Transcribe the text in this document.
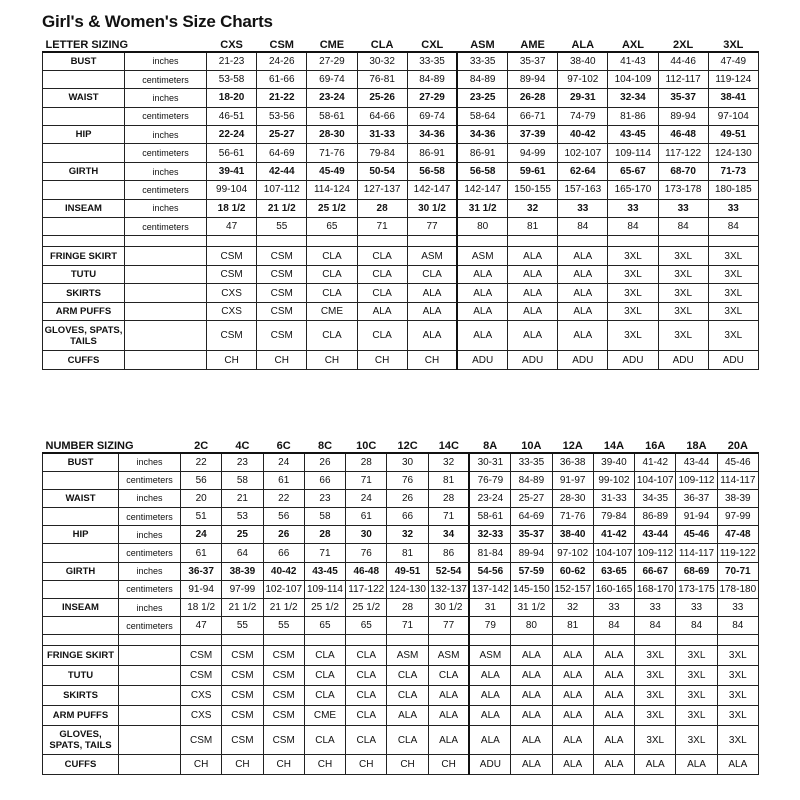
Girl's & Women's Size Charts
LETTER SIZING		CXS	CSM	CME	CLA	CXL	ASM	AME	ALA	AXL	2XL	3XL
BUST	inches	21-23	24-26	27-29	30-32	33-35	33-35	35-37	38-40	41-43	44-46	47-49
	centimeters	53-58	61-66	69-74	76-81	84-89	84-89	89-94	97-102	104-109	112-117	119-124
WAIST	inches	18-20	21-22	23-24	25-26	27-29	23-25	26-28	29-31	32-34	35-37	38-41
	centimeters	46-51	53-56	58-61	64-66	69-74	58-64	66-71	74-79	81-86	89-94	97-104
HIP	inches	22-24	25-27	28-30	31-33	34-36	34-36	37-39	40-42	43-45	46-48	49-51
	centimeters	56-61	64-69	71-76	79-84	86-91	86-91	94-99	102-107	109-114	117-122	124-130
GIRTH	inches	39-41	42-44	45-49	50-54	56-58	56-58	59-61	62-64	65-67	68-70	71-73
	centimeters	99-104	107-112	114-124	127-137	142-147	142-147	150-155	157-163	165-170	173-178	180-185
INSEAM	inches	18 1/2	21 1/2	25 1/2	28	30 1/2	31 1/2	32	33	33	33	33
	centimeters	47	55	65	71	77	80	81	84	84	84	84

FRINGE SKIRT		CSM	CSM	CLA	CLA	ASM	ASM	ALA	ALA	3XL	3XL	3XL
TUTU		CSM	CSM	CLA	CLA	CLA	ALA	ALA	ALA	3XL	3XL	3XL
SKIRTS		CXS	CSM	CLA	CLA	ALA	ALA	ALA	ALA	3XL	3XL	3XL
ARM PUFFS		CXS	CSM	CME	ALA	ALA	ALA	ALA	ALA	3XL	3XL	3XL
GLOVES, SPATS, TAILS		CSM	CSM	CLA	CLA	ALA	ALA	ALA	ALA	3XL	3XL	3XL
CUFFS		CH	CH	CH	CH	CH	ADU	ADU	ADU	ADU	ADU	ADU
NUMBER SIZING		2C	4C	6C	8C	10C	12C	14C	8A	10A	12A	14A	16A	18A	20A
BUST	inches	22	23	24	26	28	30	32	30-31	33-35	36-38	39-40	41-42	43-44	45-46
	centimeters	56	58	61	66	71	76	81	76-79	84-89	91-97	99-102	104-107	109-112	114-117
WAIST	inches	20	21	22	23	24	26	28	23-24	25-27	28-30	31-33	34-35	36-37	38-39
	centimeters	51	53	56	58	61	66	71	58-61	64-69	71-76	79-84	86-89	91-94	97-99
HIP	inches	24	25	26	28	30	32	34	32-33	35-37	38-40	41-42	43-44	45-46	47-48
	centimeters	61	64	66	71	76	81	86	81-84	89-94	97-102	104-107	109-112	114-117	119-122
GIRTH	inches	36-37	38-39	40-42	43-45	46-48	49-51	52-54	54-56	57-59	60-62	63-65	66-67	68-69	70-71
	centimeters	91-94	97-99	102-107	109-114	117-122	124-130	132-137	137-142	145-150	152-157	160-165	168-170	173-175	178-180
INSEAM	inches	18 1/2	21 1/2	21 1/2	25 1/2	25 1/2	28	30 1/2	31	31 1/2	32	33	33	33	33
	centimeters	47	55	55	65	65	71	77	79	80	81	84	84	84	84

FRINGE SKIRT		CSM	CSM	CSM	CLA	CLA	ASM	ASM	ASM	ALA	ALA	ALA	3XL	3XL	3XL
TUTU		CSM	CSM	CSM	CLA	CLA	CLA	CLA	ALA	ALA	ALA	ALA	3XL	3XL	3XL
SKIRTS		CXS	CSM	CSM	CLA	CLA	CLA	ALA	ALA	ALA	ALA	ALA	3XL	3XL	3XL
ARM PUFFS		CXS	CSM	CSM	CME	CLA	ALA	ALA	ALA	ALA	ALA	ALA	3XL	3XL	3XL
GLOVES, SPATS, TAILS		CSM	CSM	CSM	CLA	CLA	CLA	ALA	ALA	ALA	ALA	ALA	3XL	3XL	3XL
CUFFS		CH	CH	CH	CH	CH	CH	CH	ADU	ALA	ALA	ALA	ALA	ALA	ALA
